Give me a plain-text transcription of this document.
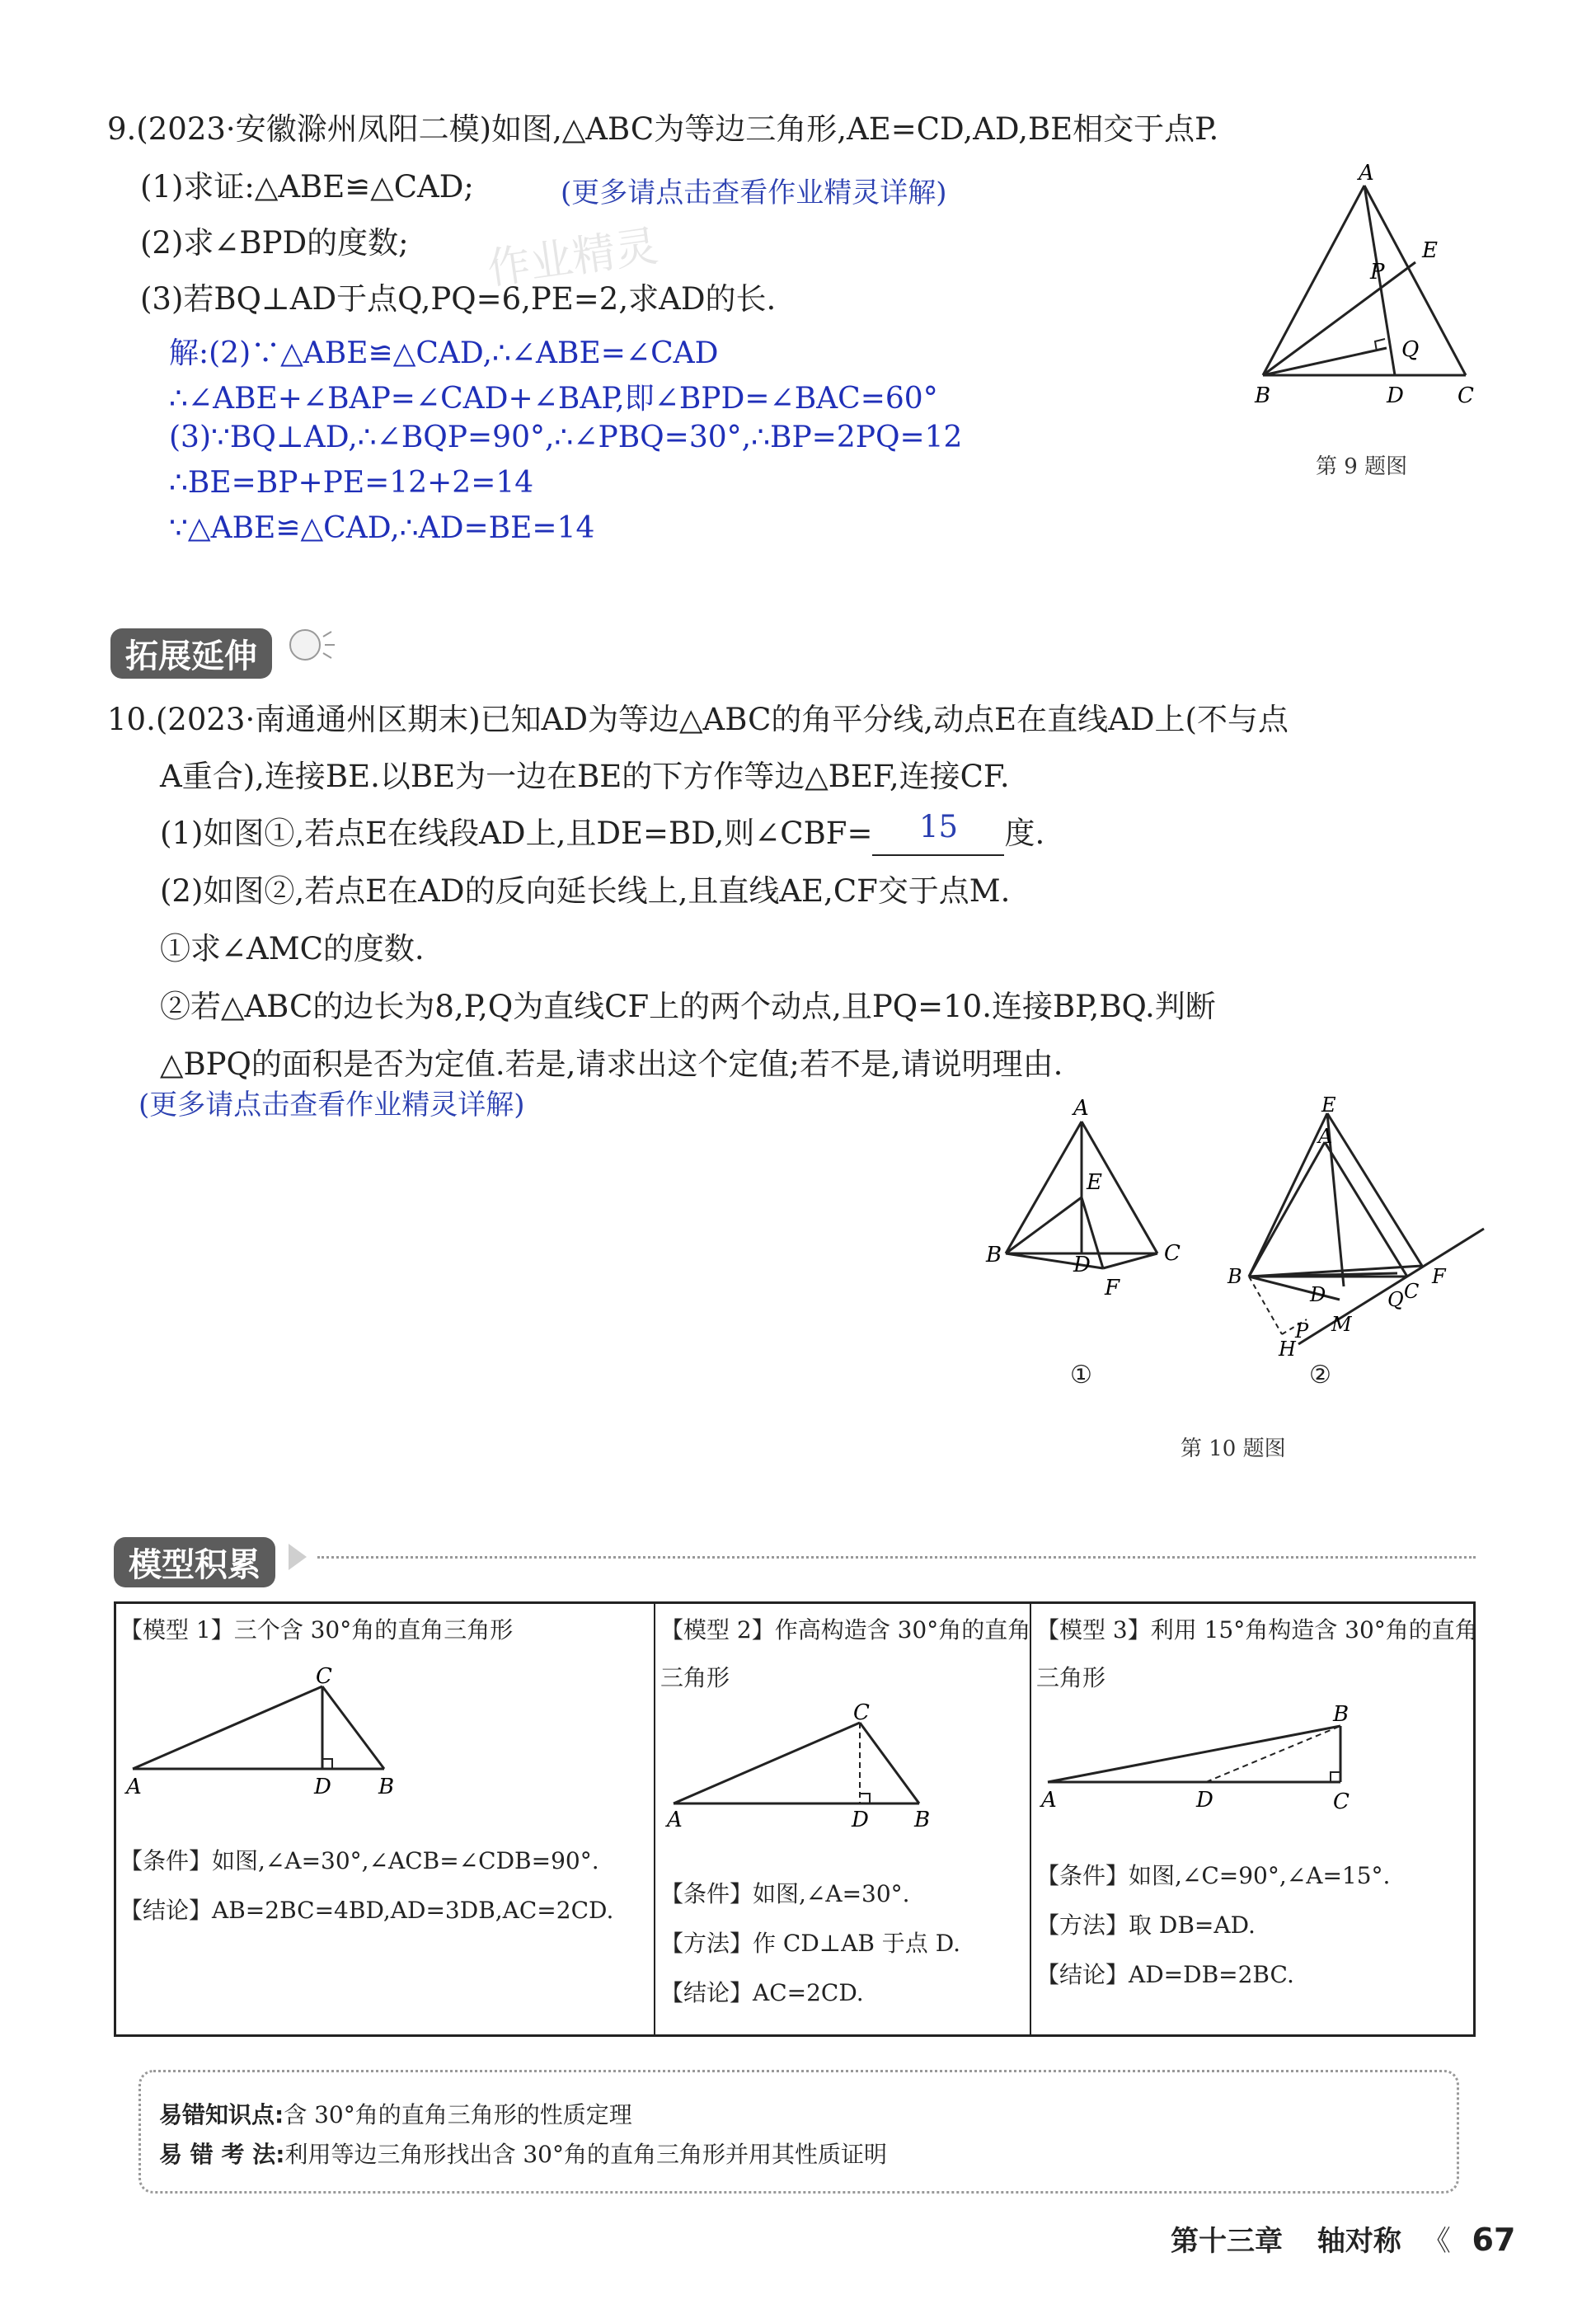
9.(2023·安徽滁州凤阳二模)如图,△ABC为等边三角形,AE=CD,AD,BE相交于点P.
(1)求证:△ABE≌△CAD;	(更多请点击查看作业精灵详解)
(2)求∠BPD的度数; 作业精灵
(3)若BQ⊥AD于点Q,PQ=6,PE=2,求AD的长.
解:(2)∵△ABE≌△CAD,∴∠ABE=∠CAD
∴∠ABE+∠BAP=∠CAD+∠BAP,即∠BPD=∠BAC=60°
(3)∵BQ⊥AD,∴∠BQP=90°,∴∠PBQ=30°,∴BP=2PQ=12
∴BE=BP+PE=12+2=14
∵△ABE≌△CAD,∴AD=BE=14
A
E
P
Q
B	D	C
第 9 题图
拓展延伸
10.(2023·南通通州区期末)已知AD为等边△ABC的角平分线,动点E在直线AD上(不与点
A重合),连接BE.以BE为一边在BE的下方作等边△BEF,连接CF.
(1)如图①,若点E在线段AD上,且DE=BD,则∠CBF= 15 度.
(2)如图②,若点E在AD的反向延长线上,且直线AE,CF交于点M.
①求∠AMC的度数.
②若△ABC的边长为8,P,Q为直线CF上的两个动点,且PQ=10.连接BP,BQ.判断
△BPQ的面积是否为定值.若是,请求出这个定值;若不是,请说明理由.
(更多请点击查看作业精灵详解)	A
E
B	D	C
F
①
E
A
B
D	C
Q
F
M
P
H
②
第 10 题图
模型积累
【模型 1】三个含 30°角的直角三角形
A	D B
C
【条件】如图,∠A=30°,∠ACB=∠CDB=90°.
【结论】AB=2BC=4BD,AD=3DB,AC=2CD.
【模型 2】作高构造含 30°角的直角
三角形
A	D B
C
【条件】如图,∠A=30°.
【方法】作 CD⊥AB 于点 D.
【结论】AC=2CD.
【模型 3】利用 15°角构造含 30°角的直角
三角形
A	D	C
B
【条件】如图,∠C=90°,∠A=15°.
【方法】取 DB=AD.
【结论】AD=DB=2BC.
易错知识点:含 30°角的直角三角形的性质定理
易 错 考 法:利用等边三角形找出含 30°角的直角三角形并用其性质证明
第十三章 轴对称 《 67
